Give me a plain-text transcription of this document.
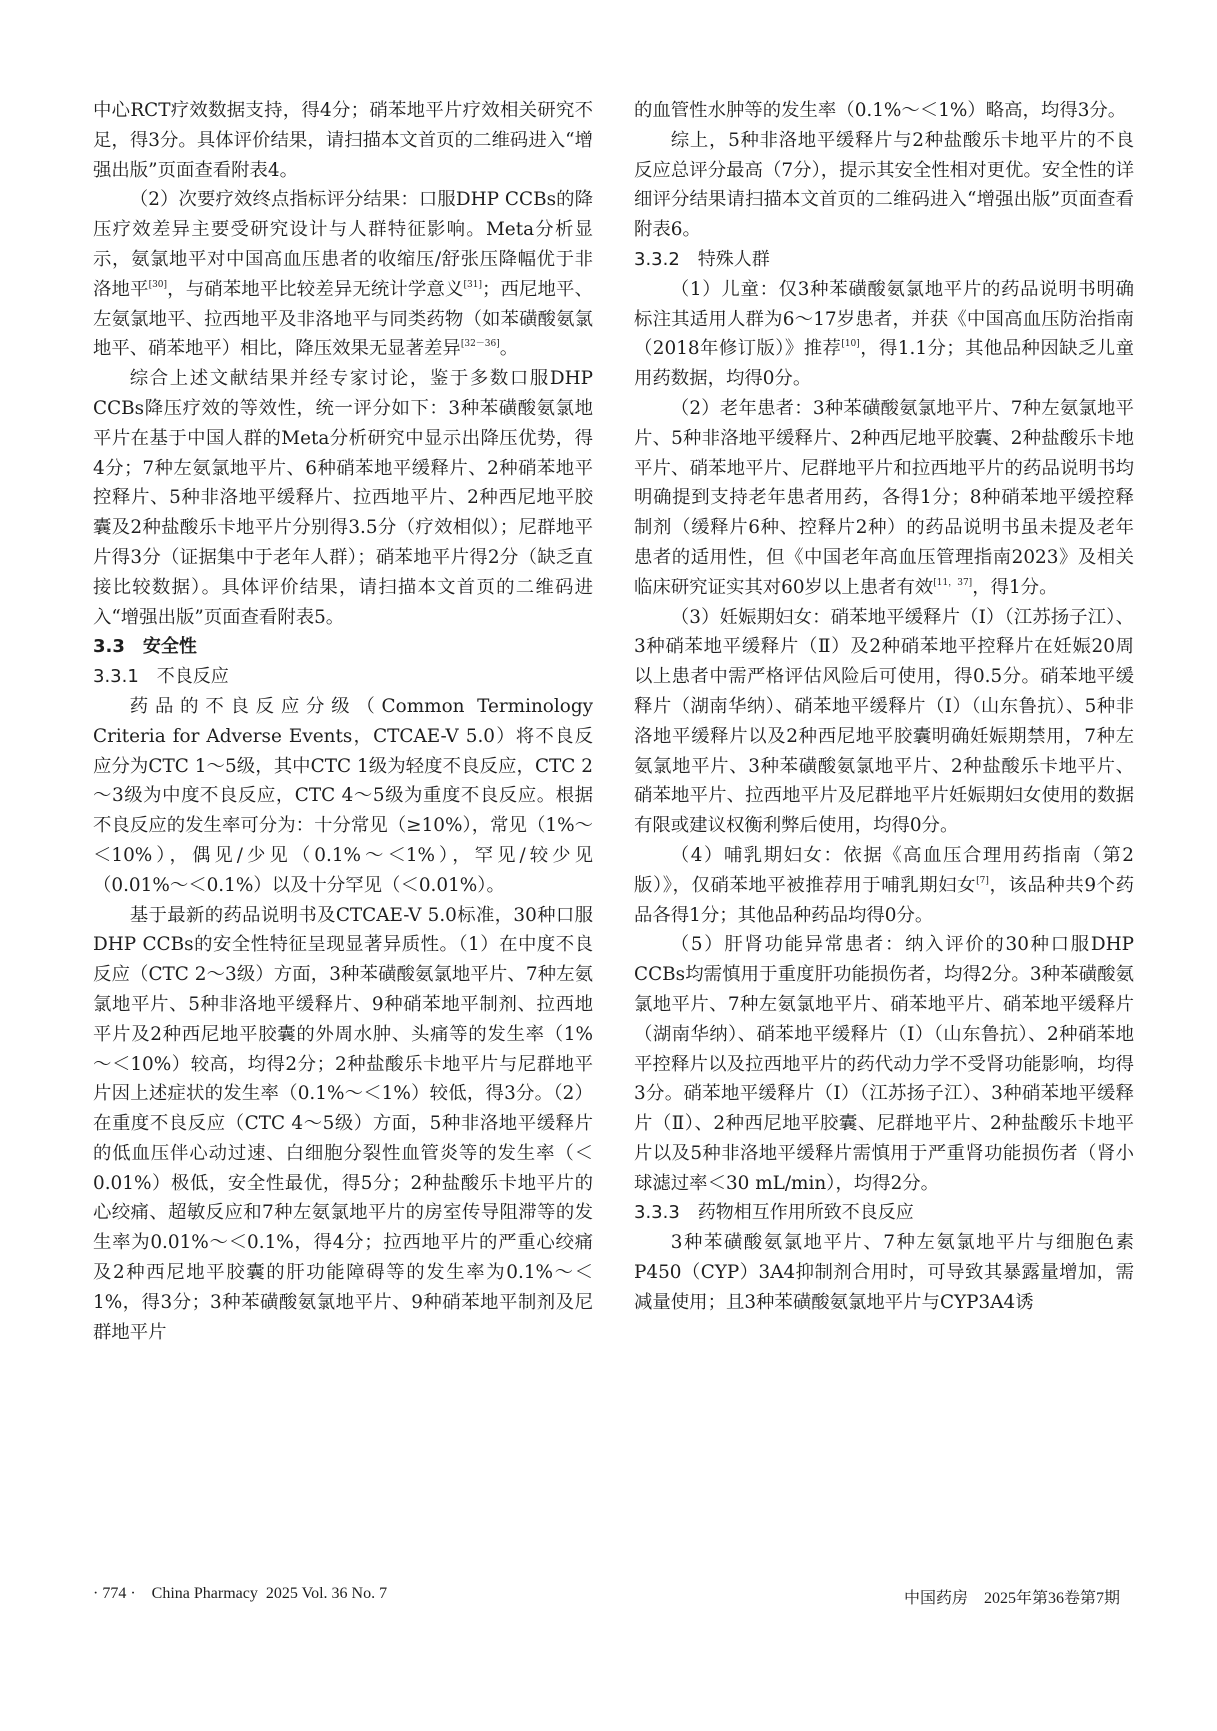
中心RCT疗效数据支持，得4分；硝苯地平片疗效相关研究不足，得3分。具体评价结果，请扫描本文首页的二维码进入“增强出版”页面查看附表4。

（2）次要疗效终点指标评分结果：口服DHP CCBs的降压疗效差异主要受研究设计与人群特征影响。Meta分析显示，氨氯地平对中国高血压患者的收缩压/舒张压降幅优于非洛地平[30]，与硝苯地平比较差异无统计学意义[31]；西尼地平、左氨氯地平、拉西地平及非洛地平与同类药物（如苯磺酸氨氯地平、硝苯地平）相比，降压效果无显著差异[32－36]。

综合上述文献结果并经专家讨论，鉴于多数口服DHP CCBs降压疗效的等效性，统一评分如下：3种苯磺酸氨氯地平片在基于中国人群的Meta分析研究中显示出降压优势，得4分；7种左氨氯地平片、6种硝苯地平缓释片、2种硝苯地平控释片、5种非洛地平缓释片、拉西地平片、2种西尼地平胶囊及2种盐酸乐卡地平片分别得3.5分（疗效相似）；尼群地平片得3分（证据集中于老年人群）；硝苯地平片得2分（缺乏直接比较数据）。具体评价结果，请扫描本文首页的二维码进入“增强出版”页面查看附表5。

3.3　安全性
3.3.1　不良反应

药品的不良反应分级（Common Terminology Criteria for Adverse Events，CTCAE-V 5.0）将不良反应分为CTC 1～5级，其中CTC 1级为轻度不良反应，CTC 2～3级为中度不良反应，CTC 4～5级为重度不良反应。根据不良反应的发生率可分为：十分常见（≥10%），常见（1%～＜10%），偶见/少见（0.1%～＜1%），罕见/较少见（0.01%～＜0.1%）以及十分罕见（＜0.01%）。

基于最新的药品说明书及CTCAE-V 5.0标准，30种口服DHP CCBs的安全性特征呈现显著异质性。（1）在中度不良反应（CTC 2～3级）方面，3种苯磺酸氨氯地平片、7种左氨氯地平片、5种非洛地平缓释片、9种硝苯地平制剂、拉西地平片及2种西尼地平胶囊的外周水肿、头痛等的发生率（1%～＜10%）较高，均得2分；2种盐酸乐卡地平片与尼群地平片因上述症状的发生率（0.1%～＜1%）较低，得3分。（2）在重度不良反应（CTC 4～5级）方面，5种非洛地平缓释片的低血压伴心动过速、白细胞分裂性血管炎等的发生率（＜0.01%）极低，安全性最优，得5分；2种盐酸乐卡地平片的心绞痛、超敏反应和7种左氨氯地平片的房室传导阻滞等的发生率为0.01%～＜0.1%，得4分；拉西地平片的严重心绞痛及2种西尼地平胶囊的肝功能障碍等的发生率为0.1%～＜1%，得3分；3种苯磺酸氨氯地平片、9种硝苯地平制剂及尼群地平片

的血管性水肿等的发生率（0.1%～＜1%）略高，均得3分。

综上，5种非洛地平缓释片与2种盐酸乐卡地平片的不良反应总评分最高（7分），提示其安全性相对更优。安全性的详细评分结果请扫描本文首页的二维码进入“增强出版”页面查看附表6。

3.3.2　特殊人群

（1）儿童：仅3种苯磺酸氨氯地平片的药品说明书明确标注其适用人群为6～17岁患者，并获《中国高血压防治指南（2018年修订版）》推荐[10]，得1.1分；其他品种因缺乏儿童用药数据，均得0分。

（2）老年患者：3种苯磺酸氨氯地平片、7种左氨氯地平片、5种非洛地平缓释片、2种西尼地平胶囊、2种盐酸乐卡地平片、硝苯地平片、尼群地平片和拉西地平片的药品说明书均明确提到支持老年患者用药，各得1分；8种硝苯地平缓控释制剂（缓释片6种、控释片2种）的药品说明书虽未提及老年患者的适用性，但《中国老年高血压管理指南2023》及相关临床研究证实其对60岁以上患者有效[11，37]，得1分。

（3）妊娠期妇女：硝苯地平缓释片（Ⅰ）（江苏扬子江）、3种硝苯地平缓释片（Ⅱ）及2种硝苯地平控释片在妊娠20周以上患者中需严格评估风险后可使用，得0.5分。硝苯地平缓释片（湖南华纳）、硝苯地平缓释片（Ⅰ）（山东鲁抗）、5种非洛地平缓释片以及2种西尼地平胶囊明确妊娠期禁用，7种左氨氯地平片、3种苯磺酸氨氯地平片、2种盐酸乐卡地平片、硝苯地平片、拉西地平片及尼群地平片妊娠期妇女使用的数据有限或建议权衡利弊后使用，均得0分。

（4）哺乳期妇女：依据《高血压合理用药指南（第2版）》，仅硝苯地平被推荐用于哺乳期妇女[7]，该品种共9个药品各得1分；其他品种药品均得0分。

（5）肝肾功能异常患者：纳入评价的30种口服DHP CCBs均需慎用于重度肝功能损伤者，均得2分。3种苯磺酸氨氯地平片、7种左氨氯地平片、硝苯地平片、硝苯地平缓释片（湖南华纳）、硝苯地平缓释片（Ⅰ）（山东鲁抗）、2种硝苯地平控释片以及拉西地平片的药代动力学不受肾功能影响，均得3分。硝苯地平缓释片（Ⅰ）（江苏扬子江）、3种硝苯地平缓释片（Ⅱ）、2种西尼地平胶囊、尼群地平片、2种盐酸乐卡地平片以及5种非洛地平缓释片需慎用于严重肾功能损伤者（肾小球滤过率＜30 mL/min），均得2分。

3.3.3　药物相互作用所致不良反应

3种苯磺酸氨氯地平片、7种左氨氯地平片与细胞色素P450（CYP）3A4抑制剂合用时，可导致其暴露量增加，需减量使用；且3种苯磺酸氨氯地平片与CYP3A4诱

· 774 · China Pharmacy 2025 Vol. 36 No. 7	中国药房 2025年第36卷第7期
